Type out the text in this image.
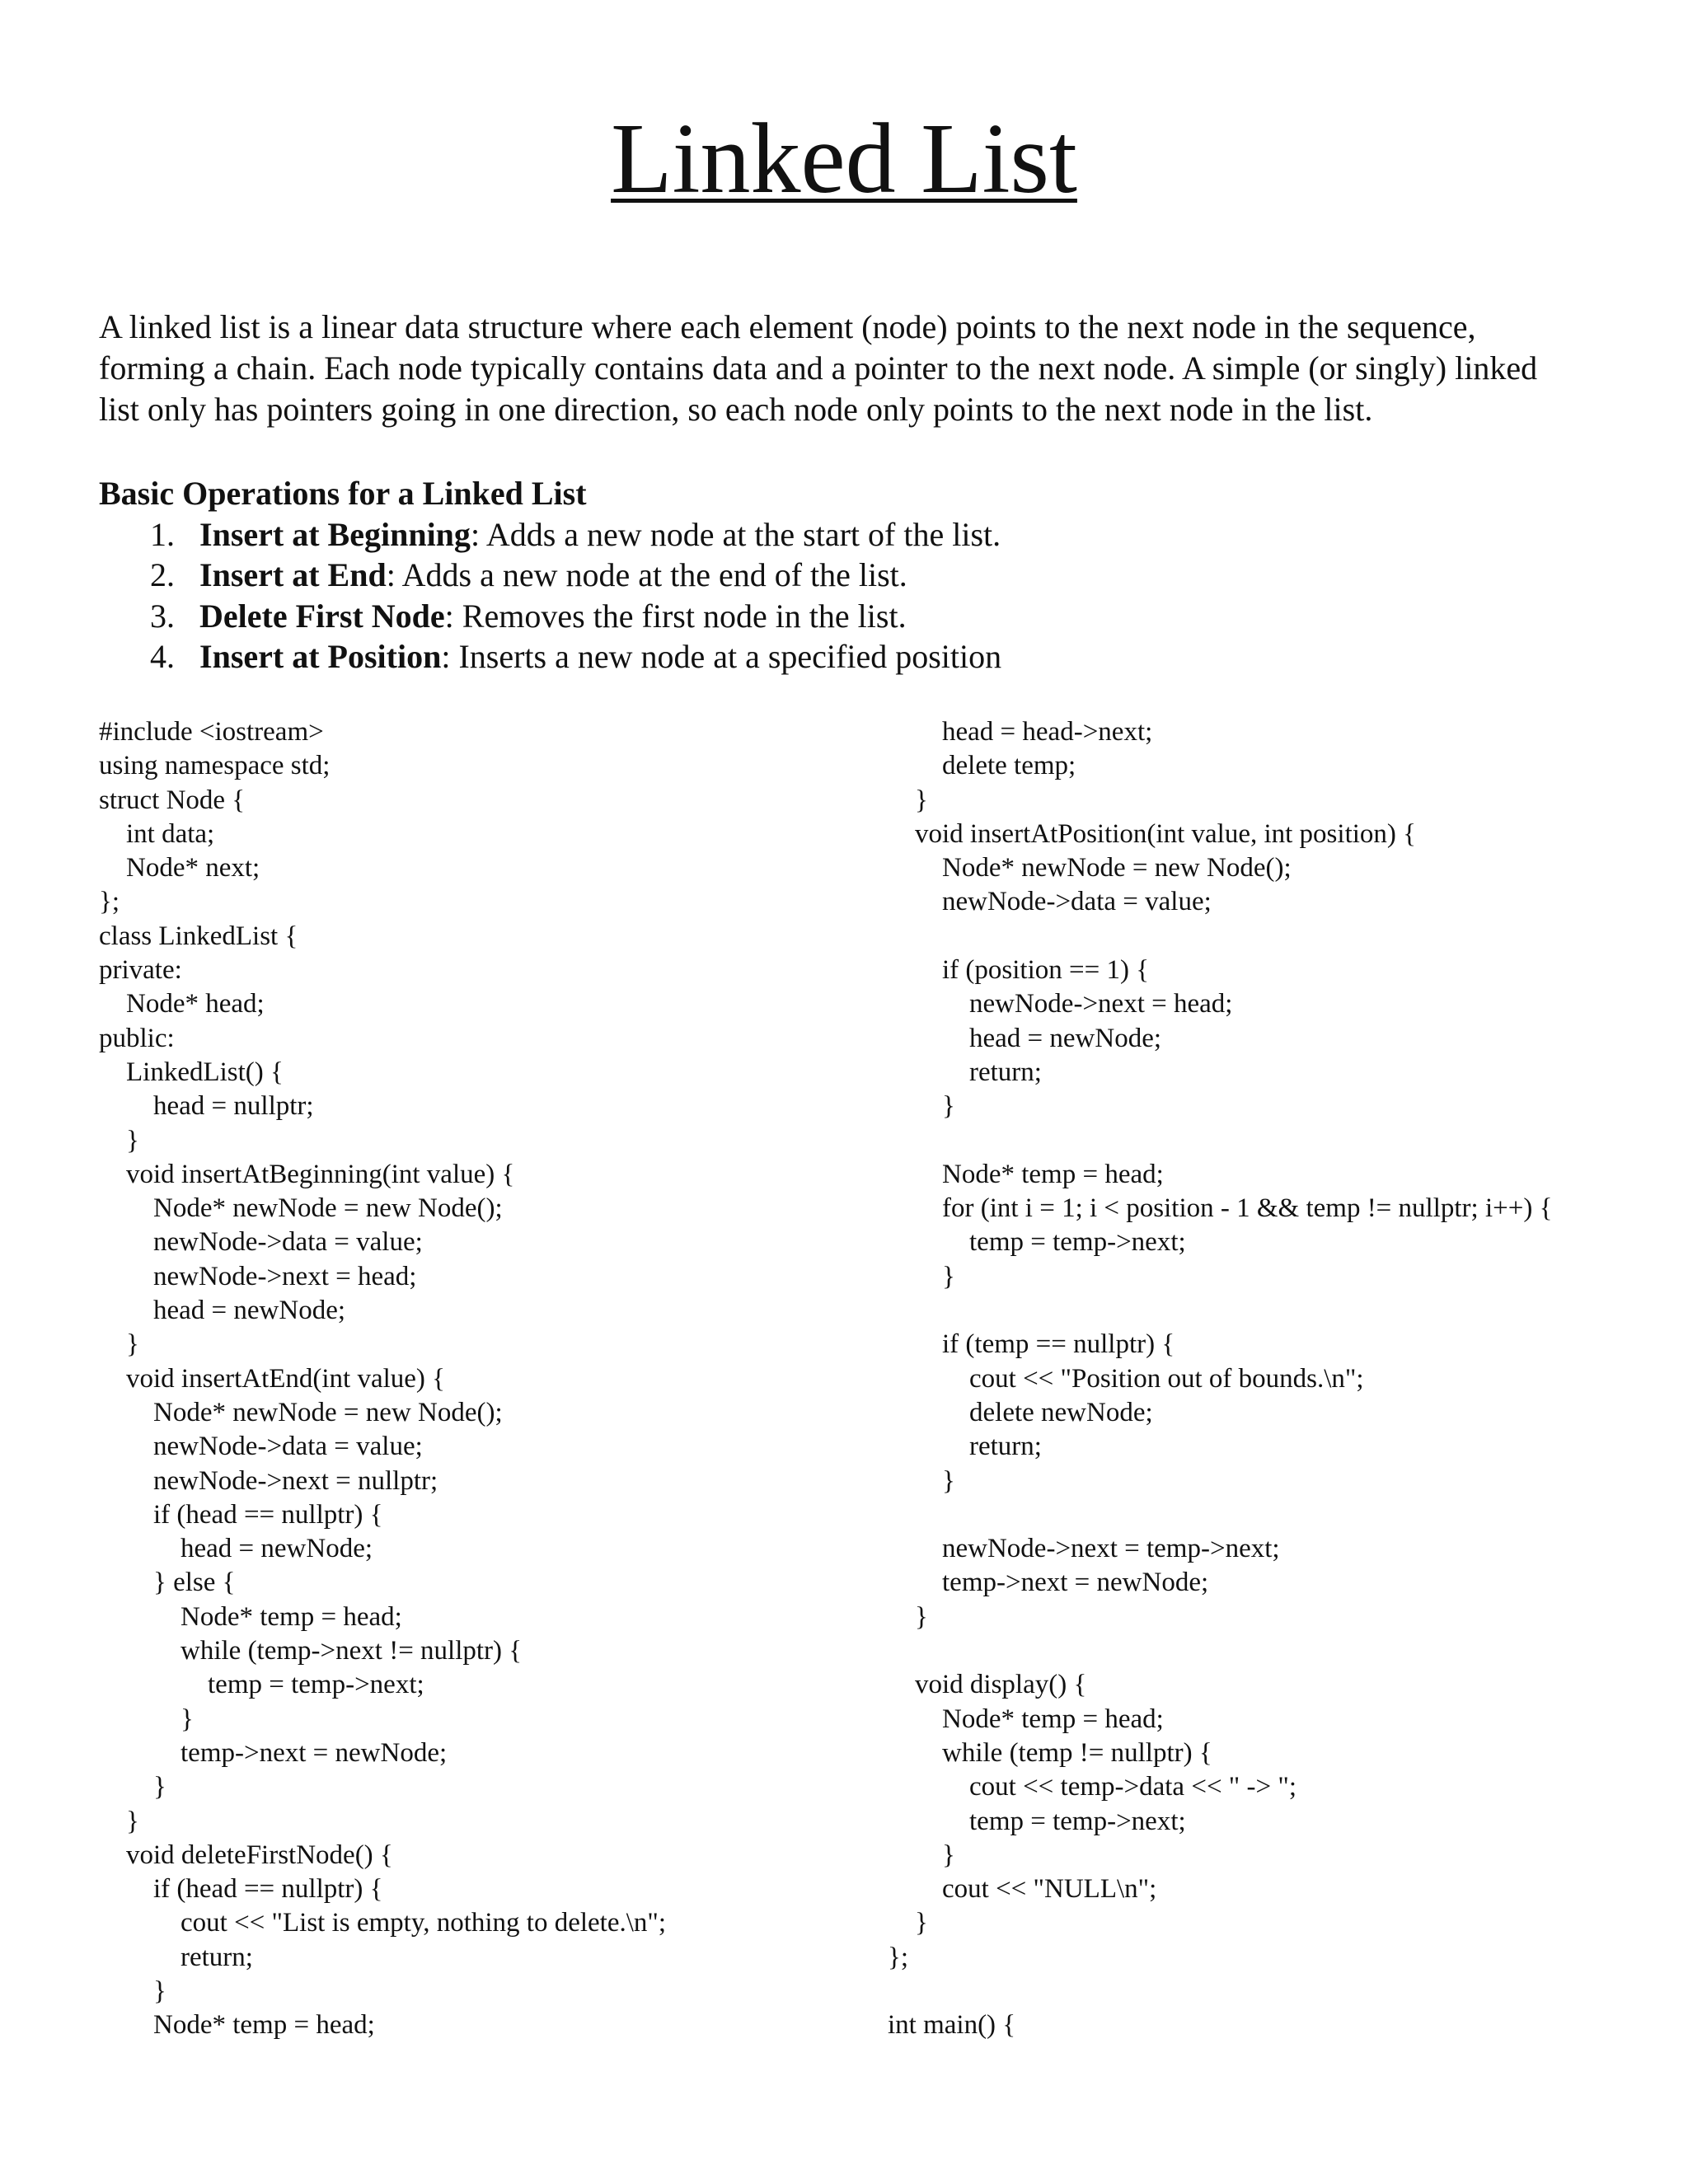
Linked List

A linked list is a linear data structure where each element (node) points to the next node in the sequence, forming a chain. Each node typically contains data and a pointer to the next node. A simple (or singly) linked list only has pointers going in one direction, so each node only points to the next node in the list.

Basic Operations for a Linked List

1. Insert at Beginning: Adds a new node at the start of the list.
2. Insert at End: Adds a new node at the end of the list.
3. Delete First Node: Removes the first node in the list.
4. Insert at Position: Inserts a new node at a specified position
#include <iostream>
using namespace std;
struct Node {
int data;
Node* next;
};
class LinkedList {
private:
Node* head;
public:
LinkedList() {
head = nullptr;
}
void insertAtBeginning(int value) {
Node* newNode = new Node();
newNode->data = value;
newNode->next = head;
head = newNode;
}
void insertAtEnd(int value) {
Node* newNode = new Node();
newNode->data = value;
newNode->next = nullptr;
if (head == nullptr) {
head = newNode;
} else {
Node* temp = head;
while (temp->next != nullptr) {
temp = temp->next;
}
temp->next = newNode;
}
}
void deleteFirstNode() {
if (head == nullptr) {
cout << "List is empty, nothing to delete.\n";
return;
}
Node* temp = head;
head = head->next;
delete temp;
}
void insertAtPosition(int value, int position) {
Node* newNode = new Node();
newNode->data = value;
if (position == 1) {
newNode->next = head;
head = newNode;
return;
}
Node* temp = head;
for (int i = 1; i < position - 1 && temp != nullptr; i++) {
temp = temp->next;
}
if (temp == nullptr) {
cout << "Position out of bounds.\n";
delete newNode;
return;
}
newNode->next = temp->next;
temp->next = newNode;
}
void display() {
Node* temp = head;
while (temp != nullptr) {
cout << temp->data << " -> ";
temp = temp->next;
}
cout << "NULL\n";
}
};
int main() {
